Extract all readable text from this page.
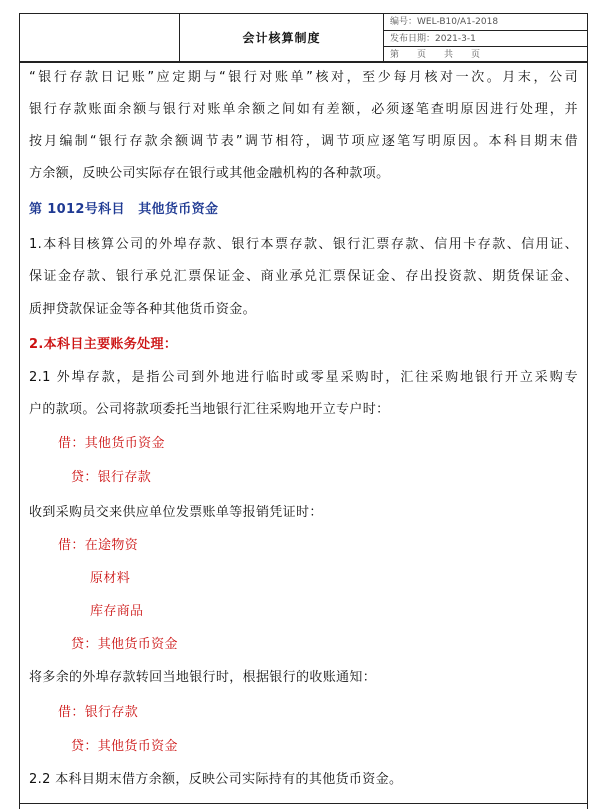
会计核算制度
编号：WEL-B10/A1-2018
发布日期：2021-3-1
第　　页　　共　　页
“银行存款日记账”应定期与“银行对账单”核对，至少每月核对一次。月末，公司
银行存款账面余额与银行对账单余额之间如有差额，必须逐笔查明原因进行处理，并
按月编制“银行存款余额调节表”调节相符，调节项应逐笔写明原因。本科目期末借
方余额，反映公司实际存在银行或其他金融机构的各种款项。
第 1012号科目　其他货币资金
1.本科目核算公司的外埠存款、银行本票存款、银行汇票存款、信用卡存款、信用证、
保证金存款、银行承兑汇票保证金、商业承兑汇票保证金、存出投资款、期货保证金、
质押贷款保证金等各种其他货币资金。
2.本科目主要账务处理：
2.1 外埠存款，是指公司到外地进行临时或零星采购时，汇往采购地银行开立采购专
户的款项。公司将款项委托当地银行汇往采购地开立专户时：
借：其他货币资金
贷：银行存款
收到采购员交来供应单位发票账单等报销凭证时：
借：在途物资
原材料
库存商品
贷：其他货币资金
将多余的外埠存款转回当地银行时，根据银行的收账通知：
借：银行存款
贷：其他货币资金
2.2 本科目期末借方余额，反映公司实际持有的其他货币资金。
